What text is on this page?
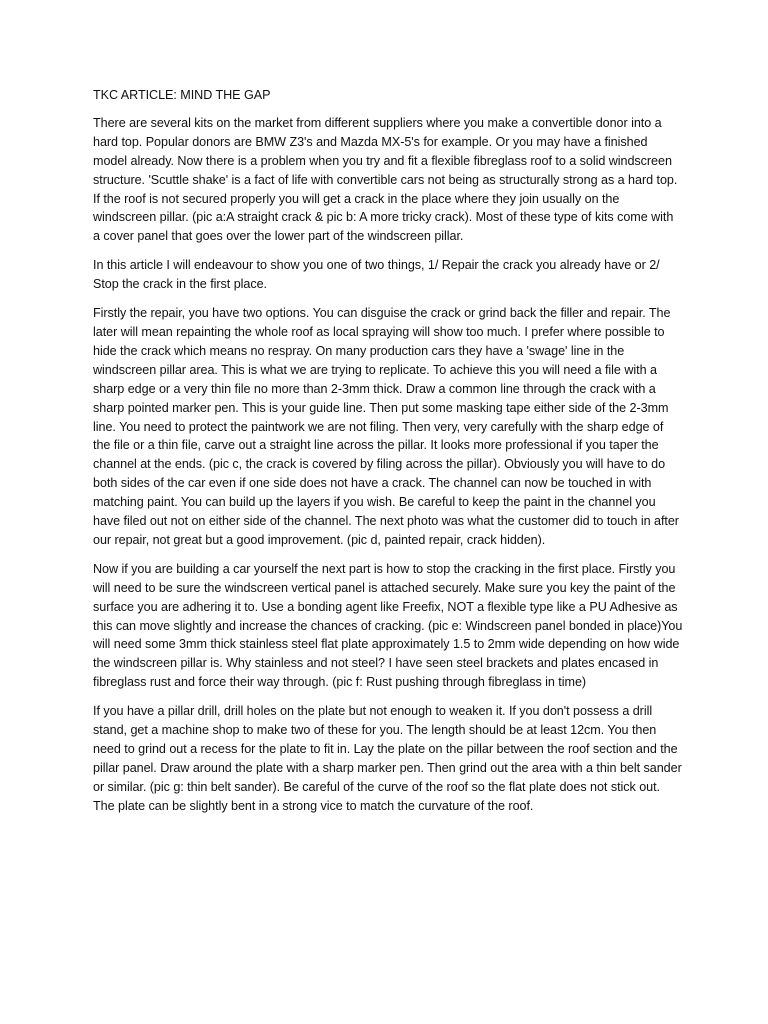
TKC ARTICLE: MIND THE GAP

There are several kits on the market from different suppliers where you make a convertible donor into a hard top. Popular donors are BMW Z3's and Mazda MX-5's for example. Or you may have a finished model already. Now there is a problem when you try and fit a flexible fibreglass roof to a solid windscreen structure. 'Scuttle shake' is a fact of life with convertible cars not being as structurally strong as a hard top. If the roof is not secured properly you will get a crack in the place where they join usually on the windscreen pillar. (pic a:A straight crack & pic b: A more tricky crack). Most of these type of kits come with a cover panel that goes over the lower part of the windscreen pillar.

In this article I will endeavour to show you one of two things, 1/ Repair the crack you already have or 2/ Stop the crack in the first place.

Firstly the repair, you have two options. You can disguise the crack or grind back the filler and repair. The later will mean repainting the whole roof as local spraying will show too much. I prefer where possible to hide the crack which means no respray. On many production cars they have a 'swage' line in the windscreen pillar area. This is what we are trying to replicate. To achieve this you will need a file with a sharp edge or a very thin file no more than 2-3mm thick. Draw a common line through the crack with a sharp pointed marker pen. This is your guide line. Then put some masking tape either side of the 2-3mm line. You need to protect the paintwork we are not filing. Then very, very carefully with the sharp edge of the file or a thin file, carve out a straight line across the pillar. It looks more professional if you taper the channel at the ends. (pic c, the crack is covered by filing across the pillar). Obviously you will have to do both sides of the car even if one side does not have a crack. The channel can now be touched in with matching paint. You can build up the layers if you wish. Be careful to keep the paint in the channel you have filed out not on either side of the channel. The next photo was what the customer did to touch in after our repair, not great but a good improvement. (pic d, painted repair, crack hidden).

Now if you are building a car yourself the next part is how to stop the cracking in the first place. Firstly you will need to be sure the windscreen vertical panel is attached securely. Make sure you key the paint of the surface you are adhering it to. Use a bonding agent like Freefix, NOT a flexible type like a PU Adhesive as this can move slightly and increase the chances of cracking. (pic e: Windscreen panel bonded in place)You will need some 3mm thick stainless steel flat plate approximately 1.5 to 2mm wide depending on how wide the windscreen pillar is. Why stainless and not steel? I have seen steel brackets and plates encased in fibreglass rust and force their way through. (pic f: Rust pushing through fibreglass in time)

If you have a pillar drill, drill holes on the plate but not enough to weaken it. If you don't possess a drill stand, get a machine shop to make two of these for you. The length should be at least 12cm. You then need to grind out a recess for the plate to fit in. Lay the plate on the pillar between the roof section and the pillar panel. Draw around the plate with a sharp marker pen. Then grind out the area with a thin belt sander or similar. (pic g: thin belt sander). Be careful of the curve of the roof so the flat plate does not stick out. The plate can be slightly bent in a strong vice to match the curvature of the roof.
